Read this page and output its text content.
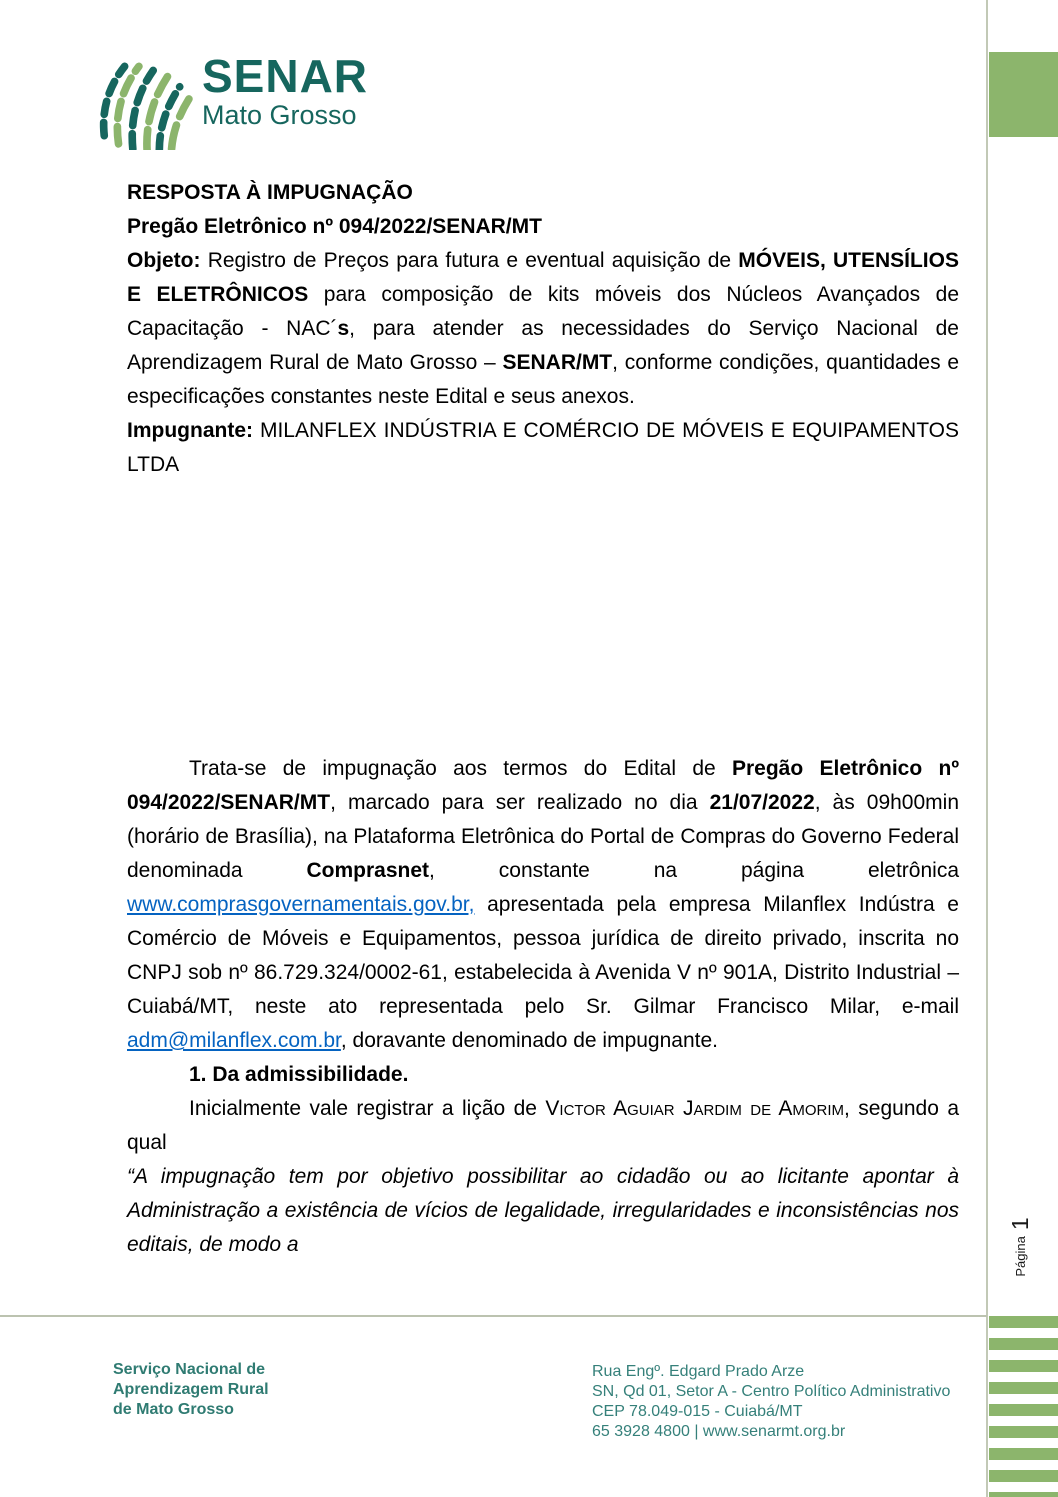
SENAR
Mato Grosso
Página
1

RESPOSTA À IMPUGNAÇÃO

Pregão Eletrônico nº 094/2022/SENAR/MT

Objeto: Registro de Preços para futura e eventual aquisição de MÓVEIS, UTENSÍLIOS E ELETRÔNICOS para composição de kits móveis dos Núcleos Avançados de Capacitação - NAC´s, para atender as necessidades do Serviço Nacional de Aprendizagem Rural de Mato Grosso – SENAR/MT, conforme condições, quantidades e especificações constantes neste Edital e seus anexos.

Impugnante: MILANFLEX INDÚSTRIA E COMÉRCIO DE MÓVEIS E EQUIPAMENTOS LTDA

Trata-se de impugnação aos termos do Edital de Pregão Eletrônico nº 094/2022/SENAR/MT, marcado para ser realizado no dia 21/07/2022, às 09h00min (horário de Brasília), na Plataforma Eletrônica do Portal de Compras do Governo Federal denominada Comprasnet, constante na página eletrônica www.comprasgovernamentais.gov.br, apresentada pela empresa Milanflex Indústra e Comércio de Móveis e Equipamentos, pessoa jurídica de direito privado, inscrita no CNPJ sob nº 86.729.324/0002-61, estabelecida à Avenida V nº 901A, Distrito Industrial – Cuiabá/MT, neste ato representada pelo Sr. Gilmar Francisco Milar, e-mail adm@milanflex.com.br, doravante denominado de impugnante.

1. Da admissibilidade.

Inicialmente vale registrar a lição de Victor Aguiar Jardim de Amorim, segundo a qual

“A impugnação tem por objetivo possibilitar ao cidadão ou ao licitante apontar à Administração a existência de vícios de legalidade, irregularidades e inconsistências nos editais, de modo a

Serviço Nacional de
Aprendizagem Rural
de Mato Grosso
Rua Engº. Edgard Prado Arze
SN, Qd 01, Setor A - Centro Político Administrativo
CEP 78.049-015 - Cuiabá/MT
65 3928 4800 | www.senarmt.org.br
